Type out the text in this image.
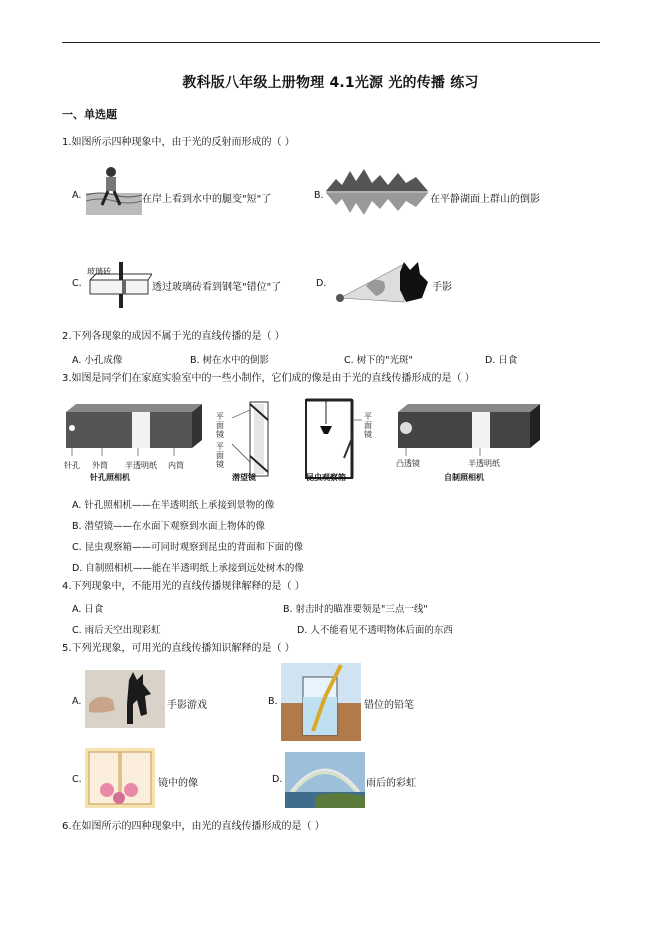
教科版八年级上册物理 4.1光源 光的传播 练习
一、单选题
1.如图所示四种现象中，由于光的反射而形成的（ ）
A.	在岸上看到水中的腿变"短"了	B.	在平静湖面上群山的倒影
C.
玻璃砖
透过玻璃砖看到钢笔"错位"了	D.	手影
2.下列各现象的成因不属于光的直线传播的是（ ）
A. 小孔成像	B. 树在水中的倒影	C. 树下的"光斑"	D. 日食
3.如图是同学们在家庭实验室中的一些小制作，它们成的像是由于光的直线传播形成的是（ ）
针孔 外筒 半透明纸 内筒
针孔照相机
平面镜
平面镜
潜望镜
平面镜
昆虫观察箱
凸透镜	半透明纸
自制照相机
A. 针孔照相机——在半透明纸上承接到景物的像
B. 潜望镜——在水面下观察到水面上物体的像
C. 昆虫观察箱——可同时观察到昆虫的背面和下面的像
D. 自制照相机——能在半透明纸上承接到远处树木的像
4.下列现象中，不能用光的直线传播规律解释的是（ ）
A. 日食	B. 射击时的瞄准要领是"三点一线"
C. 雨后天空出现彩虹	D. 人不能看见不透明物体后面的东西
5.下列光现象，可用光的直线传播知识解释的是（ ）
A.	手影游戏	B.	错位的铅笔
C.	镜中的像	D.	雨后的彩虹
6.在如图所示的四种现象中，由光的直线传播形成的是（ ）
